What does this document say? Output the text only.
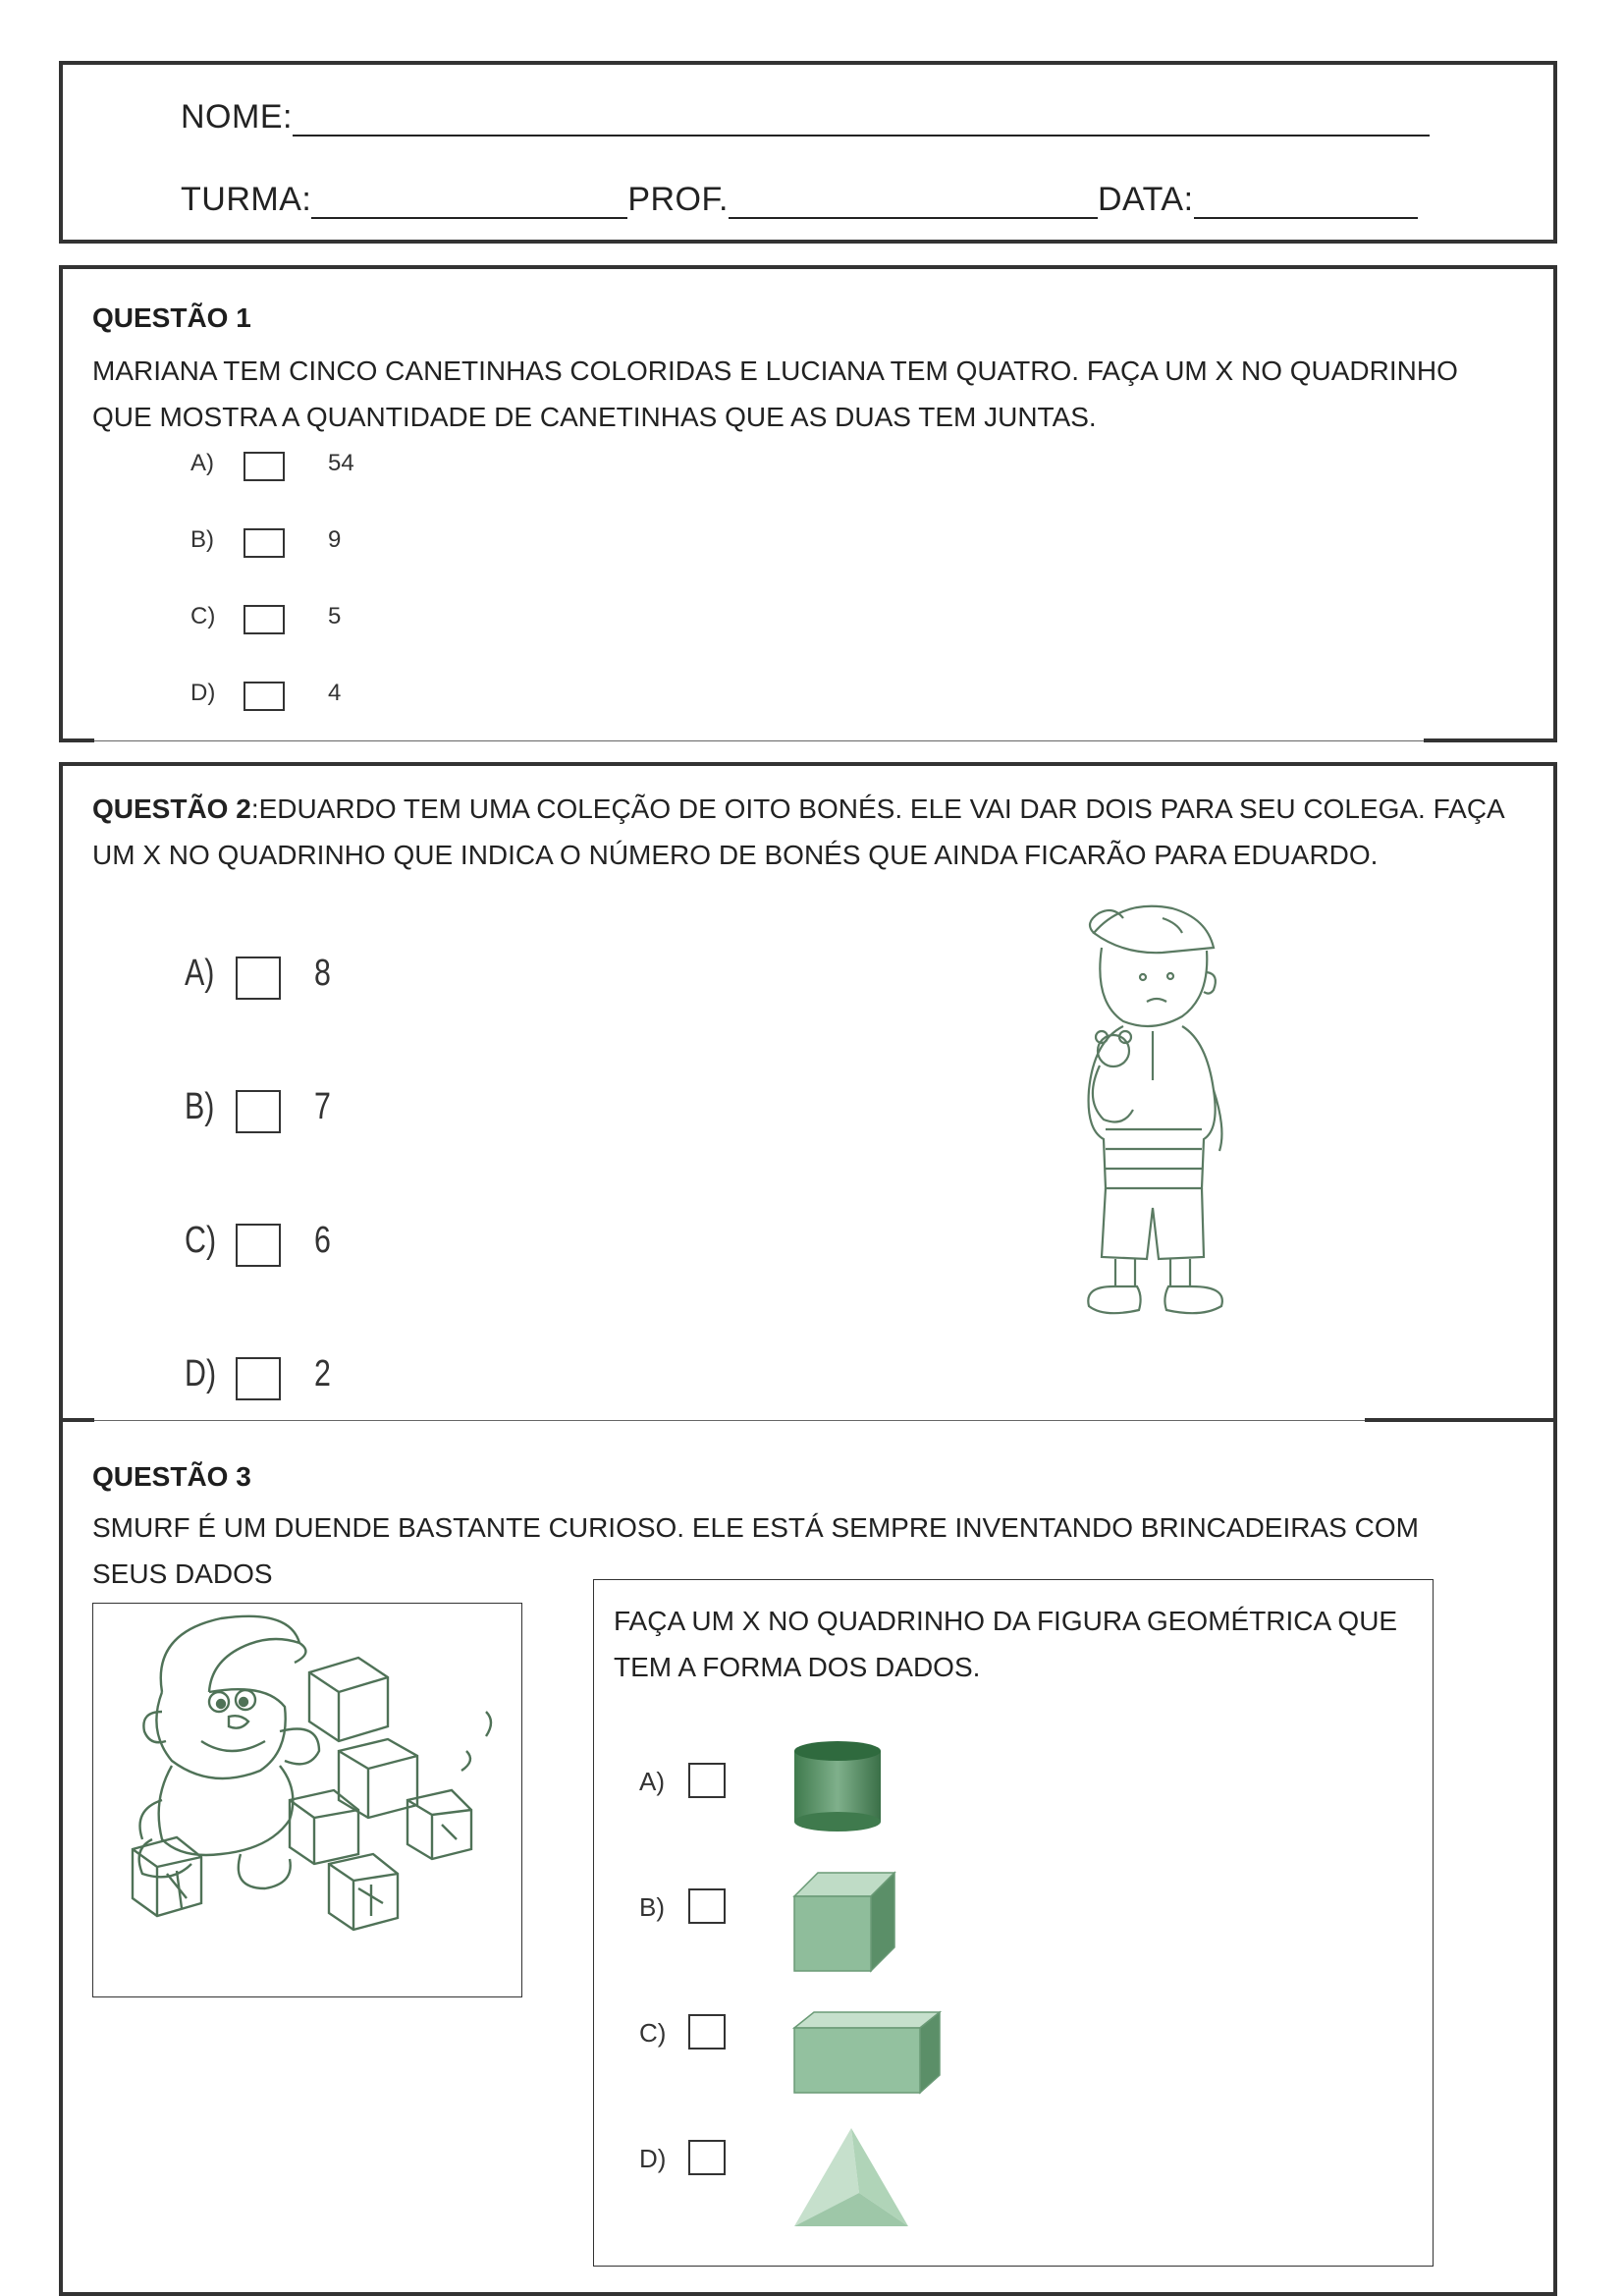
NOME:
TURMA:	PROF.	DATA:
QUESTÃO 1
MARIANA TEM CINCO CANETINHAS COLORIDAS E LUCIANA TEM QUATRO. FAÇA UM X NO QUADRINHO
QUE MOSTRA A QUANTIDADE DE CANETINHAS QUE AS DUAS TEM JUNTAS.
A)	54
B)	9
C)	5
D)	4
QUESTÃO 2:EDUARDO TEM UMA COLEÇÃO DE OITO BONÉS. ELE VAI DAR DOIS PARA SEU COLEGA. FAÇA
UM X NO QUADRINHO QUE INDICA O NÚMERO DE BONÉS QUE AINDA FICARÃO PARA EDUARDO.
A)	8
B)	7
C)	6
D)	2
QUESTÃO 3
SMURF É UM DUENDE BASTANTE CURIOSO. ELE ESTÁ SEMPRE INVENTANDO BRINCADEIRAS COM
SEUS DADOS
FAÇA UM X NO QUADRINHO DA FIGURA GEOMÉTRICA QUE
TEM A FORMA DOS DADOS.
A)
B)
C)
D)
